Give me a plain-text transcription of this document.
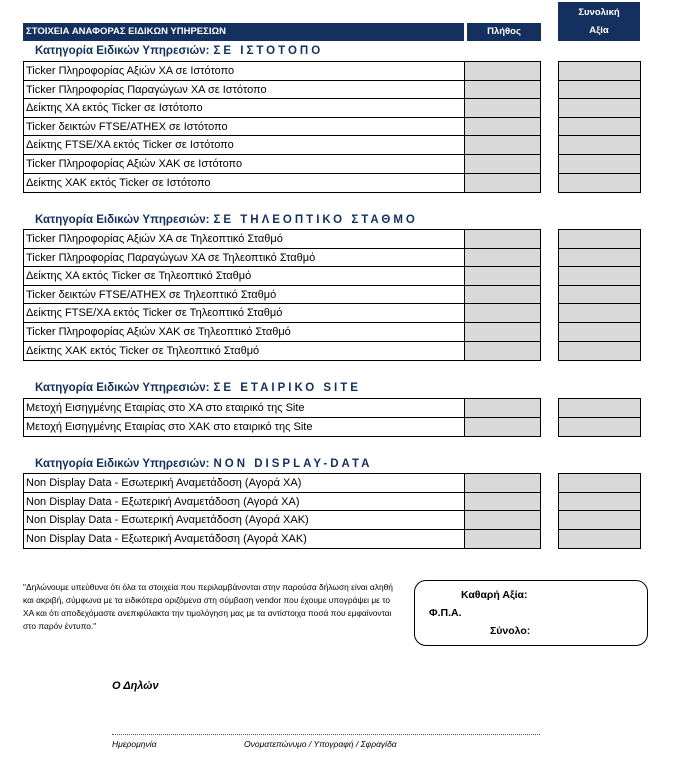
ΣΤΟΙΧΕΙΑ ΑΝΑΦΟΡΑΣ ΕΙΔΙΚΩΝ ΥΠΗΡΕΣΙΩΝ	Πλήθος
Συνολική
Αξία
Κατηγορία Ειδικών Υπηρεσιών: ΣΕ ΙΣΤΟΤΟΠΟ
Ticker Πληροφορίας Αξιών ΧΑ σε Ιστότοπο
Ticker Πληροφορίας Παραγώγων ΧΑ σε Ιστότοπο
Δείκτης ΧΑ εκτός Ticker σε Ιστότοπο
Ticker δεικτών FTSE/ATHEX σε Ιστότοπο
Δείκτης FTSE/ΧΑ εκτός Ticker σε Ιστότοπο
Ticker Πληροφορίας Αξιών ΧΑΚ σε Ιστότοπο
Δείκτης ΧΑΚ εκτός Ticker σε Ιστότοπο
Κατηγορία Ειδικών Υπηρεσιών: ΣΕ ΤΗΛΕΟΠΤΙΚΟ ΣΤΑΘΜΟ
Ticker Πληροφορίας Αξιών ΧΑ σε Τηλεοπτικό Σταθμό
Ticker Πληροφορίας Παραγώγων ΧΑ σε Τηλεοπτικό Σταθμό
Δείκτης ΧΑ εκτός Ticker σε Τηλεοπτικό Σταθμό
Ticker δεικτών FTSE/ATHEX σε Τηλεοπτικό Σταθμό
Δείκτης FTSE/ΧΑ εκτός Ticker σε Τηλεοπτικό Σταθμό
Ticker Πληροφορίας Αξιών ΧΑΚ σε Τηλεοπτικό Σταθμό
Δείκτης ΧΑΚ εκτός Ticker σε Τηλεοπτικό Σταθμό
Κατηγορία Ειδικών Υπηρεσιών: ΣΕ ΕΤΑΙΡΙΚΟ SITE
Μετοχή Εισηγμένης Εταιρίας στο ΧΑ στο εταιρικό της Site
Μετοχή Εισηγμένης Εταιρίας στο ΧΑΚ στο εταιρικό της Site
Κατηγορία Ειδικών Υπηρεσιών: NON DISPLAY-DATA
Non Display Data - Εσωτερική Αναμετάδοση (Αγορά ΧΑ)
Non Display Data - Εξωτερική Αναμετάδοση (Αγορά ΧΑ)
Non Display Data - Εσωτερική Αναμετάδοση (Αγορά ΧΑΚ)
Non Display Data - Εξωτερική Αναμετάδοση (Αγορά ΧΑΚ)
"Δηλώνουμε υπεύθυνα ότι όλα τα στοιχεία που περιλαμβάνονται στην παρούσα δήλωση είναι αληθή και ακριβή, σύμφωνα με τα ειδικότερα οριζόμενα στη σύμβαση vendor που έχουμε υπογράψει με το ΧΑ και ότι αποδεχόμαστε ανεπιφύλακτα την τιμολόγηση μας με τα αντίστοιχα ποσά που εμφαίνονται στο παρόν έντυπο."
Καθαρή Αξία:
Φ.Π.Α.
Σύνολο:
Ο Δηλών
Ημερομηνία	Ονοματεπώνυμο / Υπογραφή / Σφραγίδα
